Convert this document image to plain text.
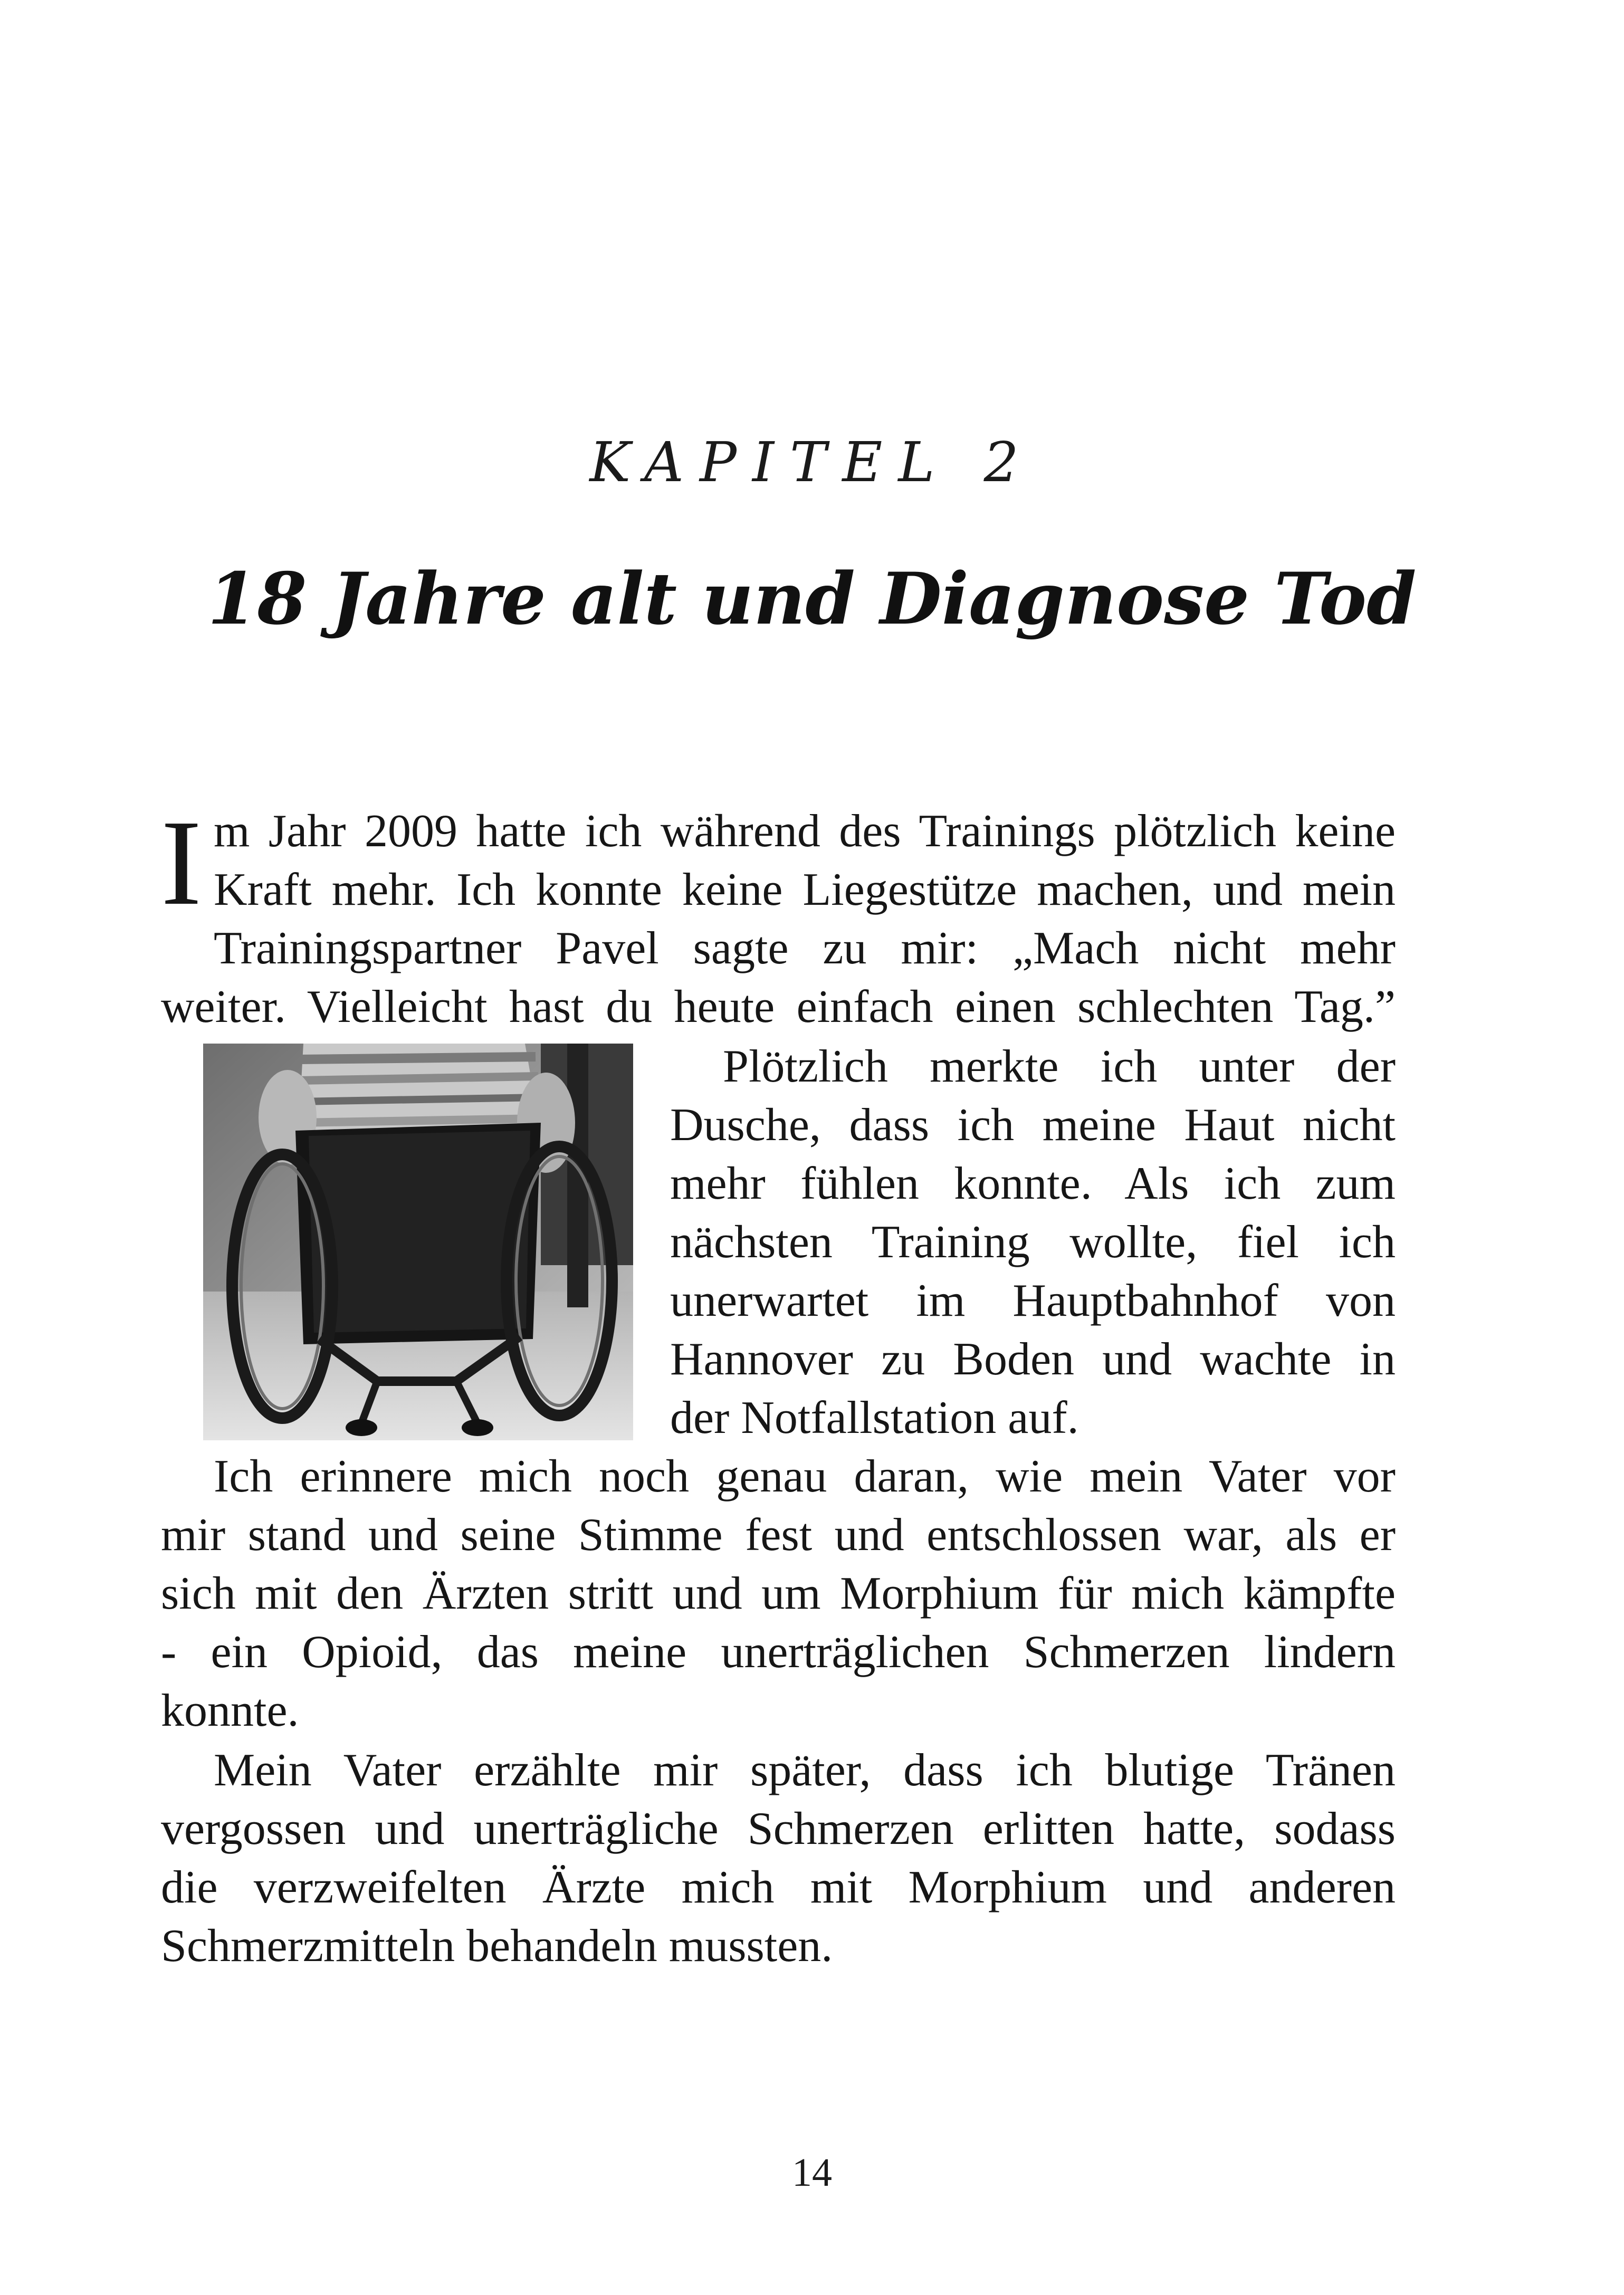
KAPITEL 2
18 Jahre alt und Diagnose Tod
I m Jahr 2009 hatte ich während des Trainings plötzlich keine
Kraft mehr. Ich konnte keine Liegestütze machen, und mein
Trainingspartner Pavel sagte zu mir: „Mach nicht mehr
weiter. Vielleicht hast du heute einfach einen schlechten Tag.”
Plötzlich merkte ich unter der
Dusche, dass ich meine Haut nicht
mehr fühlen konnte. Als ich zum
nächsten Training wollte, fiel ich
unerwartet im Hauptbahnhof von
Hannover zu Boden und wachte in
der Notfallstation auf.
Ich erinnere mich noch genau daran, wie mein Vater vor
mir stand und seine Stimme fest und entschlossen war, als er
sich mit den Ärzten stritt und um Morphium für mich kämpfte
- ein Opioid, das meine unerträglichen Schmerzen lindern
konnte.
Mein Vater erzählte mir später, dass ich blutige Tränen
vergossen und unerträgliche Schmerzen erlitten hatte, sodass
die verzweifelten Ärzte mich mit Morphium und anderen
Schmerzmitteln behandeln mussten.
14
